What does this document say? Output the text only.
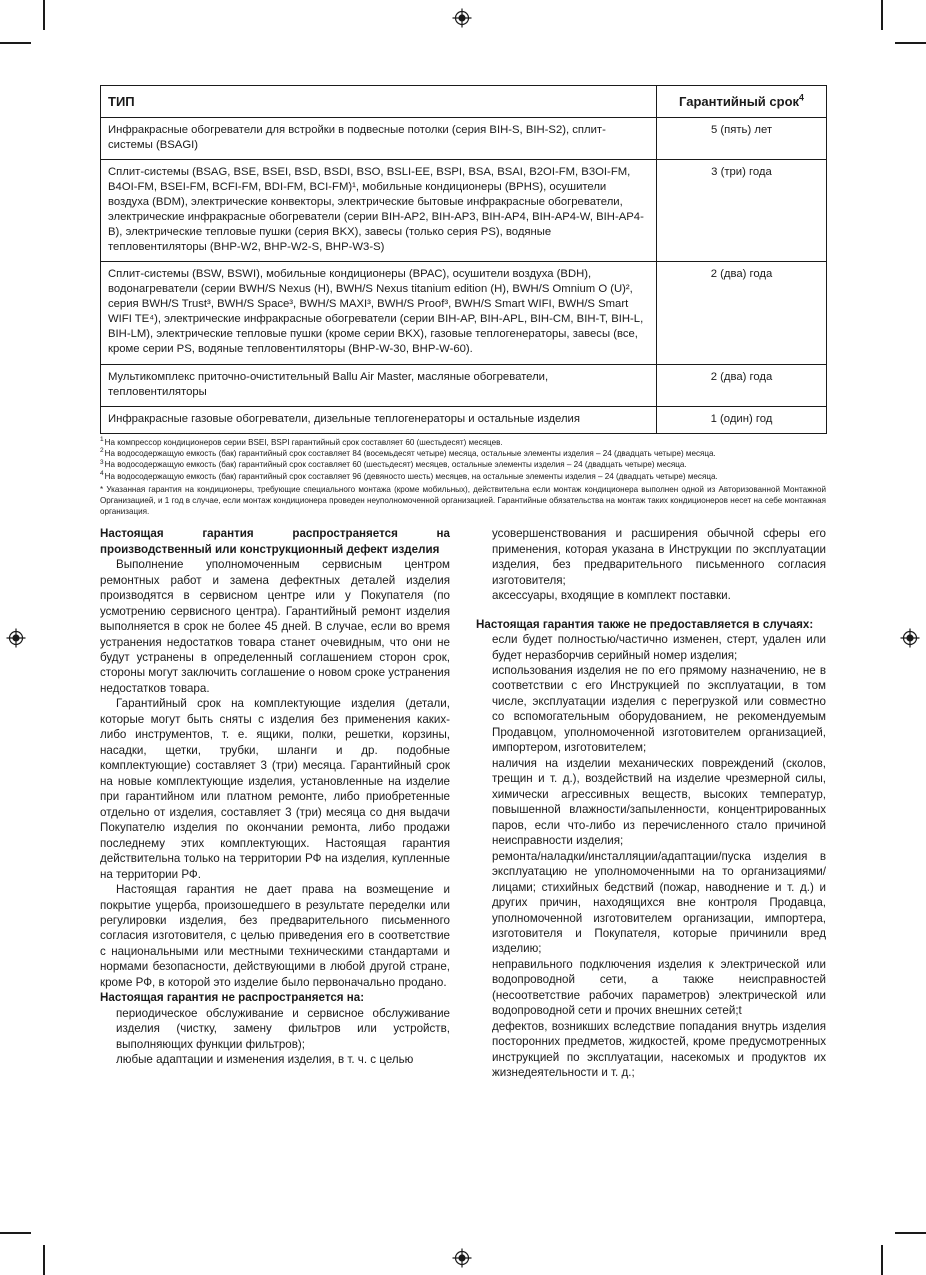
ТИП	Гарантийный срок$^4$
Инфракрасные обогреватели для встройки в подвесные потолки (серия BIH-S, BIH-S2), сплит-системы (BSAGI)	5 (пять) лет
Сплит-системы (BSAG, BSE, BSEI, BSD, BSDI, BSO, BSLI-EE, BSPI, BSA, BSAI, B2OI-FM, B3OI-FM, B4OI-FM, BSEI-FM, BCFI-FM, BDI-FM, BCI-FM)¹, мобильные кондиционеры (BPHS), осушители воздуха (BDM), электрические конвекторы, электрические бытовые инфракрасные обогреватели, электрические инфракрасные обогреватели (серии BIH-AP2, BIH-AP3, BIH-AP4, BIH-AP4-W, BIH-AP4-B), электрические тепловые пушки (серия BKX), завесы (только серия PS), водяные тепловентиляторы (BHP-W2, BHP-W2-S, BHP-W3-S)	3 (три) года
Сплит-системы (BSW, BSWI), мобильные кондиционеры (BPAC), осушители воздуха (BDH), водонагреватели (серии BWH/S Nexus (H), BWH/S Nexus titanium edition (H), BWH/S Omnium O (U)², серия BWH/S Trust³, BWH/S Space³, BWH/S MAXI³, BWH/S Proof³, BWH/S Smart WIFI, BWH/S Smart WIFI TE⁴), электрические инфракрасные обогреватели (серии BIH-AP, BIH-APL, BIH-CM, BIH-T, BIH-L, BIH-LM), электрические тепловые пушки (кроме серии BKX), газовые теплогенераторы, завесы (все, кроме серии PS, водяные тепловентиляторы (BHP-W-30, BHP-W-60).	2 (два) года
Мультикомплекс приточно-очистительный Ballu Air Master, масляные обогреватели, тепловентиляторы	2 (два) года
Инфракрасные газовые обогреватели, дизельные теплогенераторы и остальные изделия	1 (один) год

$^1$На компрессор кондиционеров серии BSEI, BSPI гарантийный срок составляет 60 (шестьдесят) месяцев.

$^2$На водосодержащую емкость (бак) гарантийный срок составляет 84 (восемьдесят четыре) месяца, остальные элементы изделия – 24 (двадцать четыре) месяца.

$^3$На водосодержащую емкость (бак) гарантийный срок составляет 60 (шестьдесят) месяцев, остальные элементы изделия – 24 (двадцать четыре) месяца.

$^4$На водосодержащую емкость (бак) гарантийный срок составляет 96 (девяносто шесть) месяцев, на остальные элементы изделия – 24 (двадцать четыре) месяца.

* Указанная гарантия на кондиционеры, требующие специального монтажа (кроме мобильных), действительна если монтаж кондиционера выполнен одной из Авторизованной Монтажной Организацией, и 1 год в случае, если монтаж кондиционера проведен неуполномоченной организацией. Гарантийные обязательства на монтаж таких кондиционеров несет на себе монтажная организация.

Настоящая гарантия распространяется на производственный или конструкционный дефект изделия

Выполнение уполномоченным сервисным центром ремонтных работ и замена дефектных деталей изделия производятся в сервисном центре или у Покупателя (по усмотрению сервисного центра). Гарантийный ремонт изделия выполняется в срок не более 45 дней. В случае, если во время устранения недостатков товара станет очевидным, что они не будут устранены в определенный соглашением сторон срок, стороны могут заключить соглашение о новом сроке устранения недостатков товара.

Гарантийный срок на комплектующие изделия (детали, которые могут быть сняты с изделия без применения каких-либо инструментов, т. е. ящики, полки, решетки, корзины, насадки, щетки, трубки, шланги и др. подобные комплектующие) составляет 3 (три) месяца. Гарантийный срок на новые комплектующие изделия, установленные на изделие при гарантийном или платном ремонте, либо приобретенные отдельно от изделия, составляет 3 (три) месяца со дня выдачи Покупателю изделия по окончании ремонта, либо продажи последнему этих комплектующих. Настоящая гарантия действительна только на территории РФ на изделия, купленные на территории РФ.

Настоящая гарантия не дает права на возмещение и покрытие ущерба, произошедшего в результате переделки или регулировки изделия, без предварительного письменного согласия изготовителя, с целью приведения его в соответствие с национальными или местными техническими стандартами и нормами безопасности, действующими в любой другой стране, кроме РФ, в которой это изделие было первоначально продано.

Настоящая гарантия не распространяется на:

периодическое обслуживание и сервисное обслуживание изделия (чистку, замену фильтров или устройств, выполняющих функции фильтров);

любые адаптации и изменения изделия, в т. ч. с целью

усовершенствования и расширения обычной сферы его применения, которая указана в Инструкции по эксплуатации изделия, без предварительного письменного согласия изготовителя;

аксессуары, входящие в комплект поставки.

Настоящая гарантия также не предоставляется в случаях:

если будет полностью/частично изменен, стерт, удален или будет неразборчив серийный номер изделия;

использования изделия не по его прямому назначению, не в соответствии с его Инструкцией по эксплуатации, в том числе, эксплуатации изделия с перегрузкой или совместно со вспомогательным оборудованием, не рекомендуемым Продавцом, уполномоченной изготовителем организацией, импортером, изготовителем;

наличия на изделии механических повреждений (сколов, трещин и т. д.), воздействий на изделие чрезмерной силы, химически агрессивных веществ, высоких температур, повышенной влажности/запыленности, концентрированных паров, если что-либо из перечисленного стало причиной неисправности изделия;

ремонта/наладки/инсталляции/адаптации/пуска изделия в эксплуатацию не уполномоченными на то организациями/лицами; стихийных бедствий (пожар, наводнение и т. д.) и других причин, находящихся вне контроля Продавца, уполномоченной изготовителем организации, импортера, изготовителя и Покупателя, которые причинили вред изделию;

неправильного подключения изделия к электрической или водопроводной сети, а также неисправностей (несоответствие рабочих параметров) электрической или водопроводной сети и прочих внешних сетей;t

дефектов, возникших вследствие попадания внутрь изделия посторонних предметов, жидкостей, кроме предусмотренных инструкцией по эксплуатации, насекомых и продуктов их жизнедеятельности и т. д.;
